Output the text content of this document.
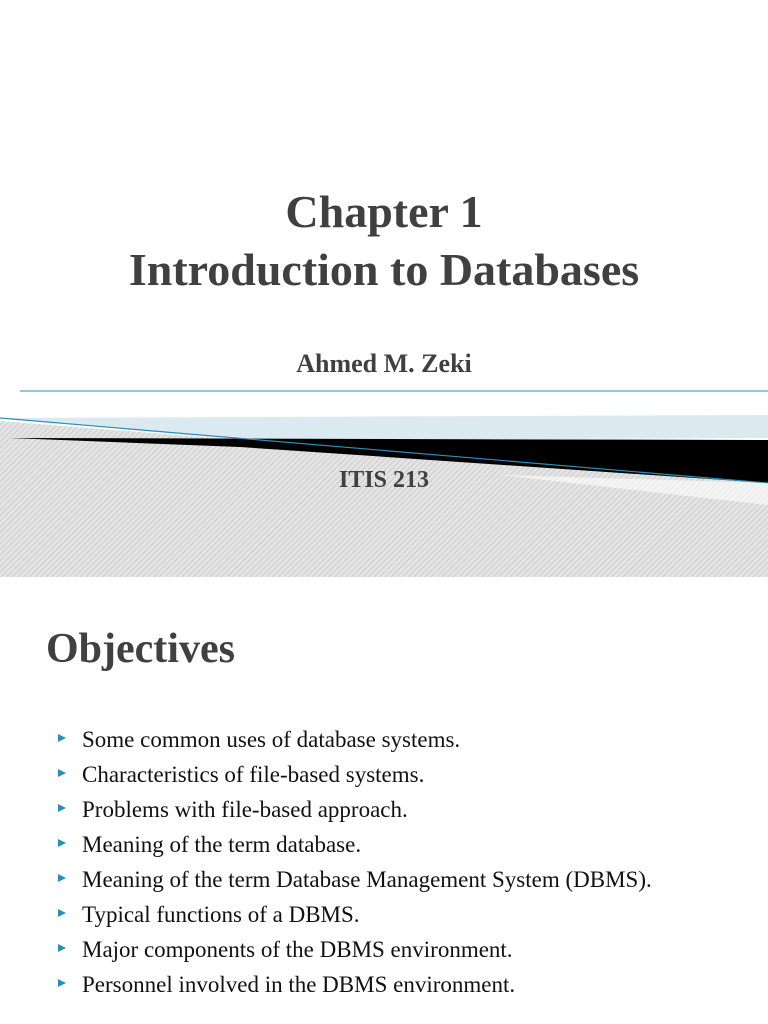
Chapter 1
Introduction to Databases
Ahmed M. Zeki
ITIS 213
Objectives
Some common uses of database systems.
Characteristics of file-based systems.
Problems with file-based approach.
Meaning of the term database.
Meaning of the term Database Management System (DBMS).
Typical functions of a DBMS.
Major components of the DBMS environment.
Personnel involved in the DBMS environment.
